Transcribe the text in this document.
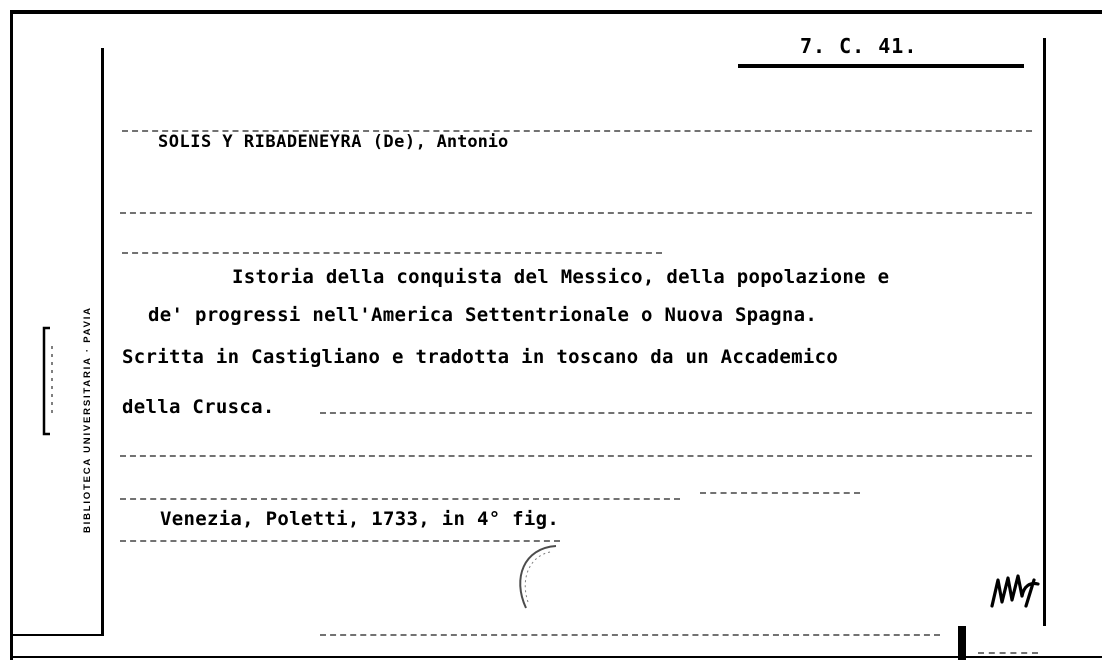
BIBLIOTECA UNIVERSITARIA · PAVIA
7. C. 41.
SOLIS Y RIBADENEYRA (De), Antonio
Istoria della conquista del Messico, della popolazione e
de' progressi nell'America Settentrionale o Nuova Spagna.
Scritta in Castigliano e tradotta in toscano da un Accademico
della Crusca.
Venezia, Poletti, 1733, in 4° fig.
